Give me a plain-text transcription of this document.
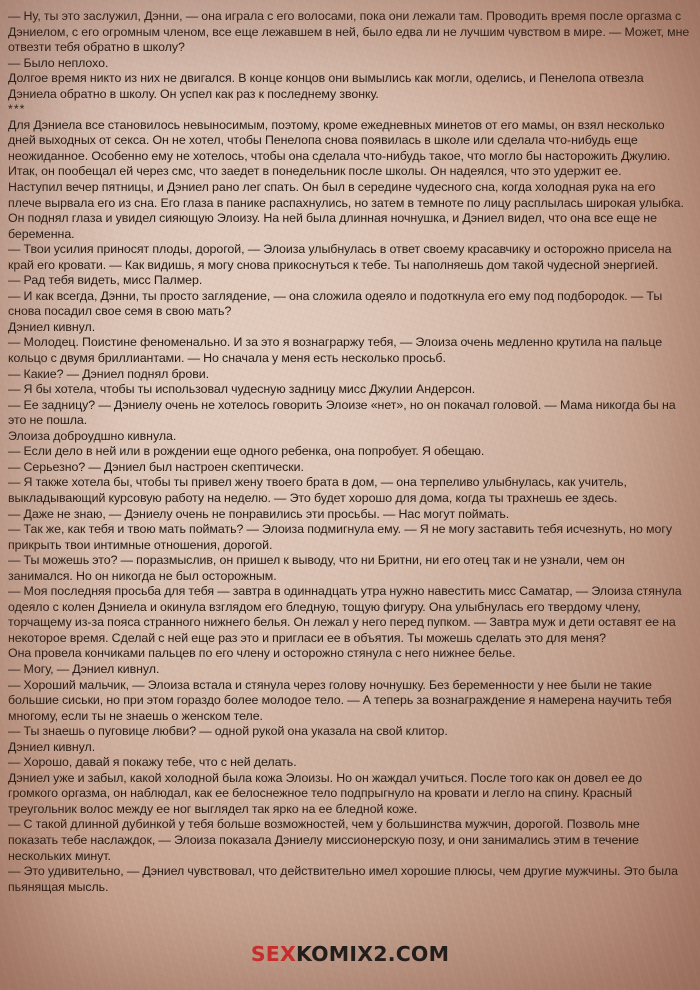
— Ну, ты это заслужил, Дэнни, — она играла с его волосами, пока они лежали там. Проводить время после оргазма с Дэниелом, с его огромным членом, все еще лежавшем в ней, было едва ли не лучшим чувством в мире. — Может, мне отвезти тебя обратно в школу?

— Было неплохо.

Долгое время никто из них не двигался. В конце концов они вымылись как могли, оделись, и Пенелопа отвезла Дэниела обратно в школу. Он успел как раз к последнему звонку.

***

Для Дэниела все становилось невыносимым, поэтому, кроме ежедневных минетов от его мамы, он взял несколько дней выходных от секса. Он не хотел, чтобы Пенелопа снова появилась в школе или сделала что-нибудь еще неожиданное. Особенно ему не хотелось, чтобы она сделала что-нибудь такое, что могло бы насторожить Джулию. Итак, он пообещал ей через смс, что заедет в понедельник после школы. Он надеялся, что это удержит ее.

Наступил вечер пятницы, и Дэниел рано лег спать. Он был в середине чудесного сна, когда холодная рука на его плече вырвала его из сна. Его глаза в панике распахнулись, но затем в темноте по лицу расплылась широкая улыбка. Он поднял глаза и увидел сияющую Элоизу. На ней была длинная ночнушка, и Дэниел видел, что она все еще не беременна.

— Твои усилия приносят плоды, дорогой, — Элоиза улыбнулась в ответ своему красавчику и осторожно присела на край его кровати. — Как видишь, я могу снова прикоснуться к тебе. Ты наполняешь дом такой чудесной энергией.

— Рад тебя видеть, мисс Палмер.

— И как всегда, Дэнни, ты просто заглядение, — она сложила одеяло и подоткнула его ему под подбородок. — Ты снова посадил свое семя в свою мать?

Дэниел кивнул.

— Молодец. Поистине феноменально. И за это я вознаграржу тебя, — Элоиза очень медленно крутила на пальце кольцо с двумя бриллиантами. — Но сначала у меня есть несколько просьб.

— Какие? — Дэниел поднял брови.

— Я бы хотела, чтобы ты использовал чудесную задницу мисс Джулии Андерсон.

— Ее задницу? — Дэниелу очень не хотелось говорить Элоизе «нет», но он покачал головой. — Мама никогда бы на это не пошла.

Элоиза доброудшно кивнула.

— Если дело в ней или в рождении еще одного ребенка, она попробует. Я обещаю.

— Серьезно? — Дэниел был настроен скептически.

— Я также хотела бы, чтобы ты привел жену твоего брата в дом, — она терпеливо улыбнулась, как учитель, выкладывающий курсовую работу на неделю. — Это будет хорошо для дома, когда ты трахнешь ее здесь.

— Даже не знаю, — Дэниелу очень не понравились эти просьбы. — Нас могут поймать.

— Так же, как тебя и твою мать поймать? — Элоиза подмигнула ему. — Я не могу заставить тебя исчезнуть, но могу прикрыть твои интимные отношения, дорогой.

— Ты можешь это? — поразмыслив, он пришел к выводу, что ни Бритни, ни его отец так и не узнали, чем он занимался. Но он никогда не был осторожным.

— Моя последняя просьба для тебя — завтра в одиннадцать утра нужно навестить мисс Саматар, — Элоиза стянула одеяло с колен Дэниела и окинула взглядом его бледную, тощую фигуру. Она улыбнулась его твердому члену, торчащему из-за пояса странного нижнего белья. Он лежал у него перед пупком. — Завтра муж и дети оставят ее на некоторое время. Сделай с ней еще раз это и приглаcи ее в объятия. Ты можешь сделать это для меня?

Она провела кончиками пальцев по его члену и осторожно стянула с него нижнее белье.

— Могу, — Дэниел кивнул.

— Хороший мальчик, — Элоиза встала и стянула через голову ночнушку. Без беременности у нее были не такие большие сиськи, но при этом гораздо более молодое тело. — А теперь за вознаграждение я намерена научить тебя многому, если ты не знаешь о женском теле.

— Ты знаешь о пуговице любви? — одной рукой она указала на свой клитор.

Дэниел кивнул.

— Хорошо, давай я покажу тебе, что с ней делать.

Дэниел уже и забыл, какой холодной была кожа Элоизы. Но он жаждал учиться. После того как он довел ее до громкого оргазма, он наблюдал, как ее белоснежное тело подпрыгнуло на кровати и легло на спину. Красный треугольник волос между ее ног выглядел так ярко на ее бледной коже.

— С такой длинной дубинкой у тебя больше возможностей, чем у большинства мужчин, дорогой. Позволь мне показать тебе наслаждок, — Элоиза показала Дэниелу миссионерскую позу, и они занимались этим в течение нескольких минут.

— Это удивительно, — Дэниел чувствовал, что действительно имел хорошие плюсы, чем другие мужчины. Это была пьянящая мысль.

SEXKOMIX2.COM
